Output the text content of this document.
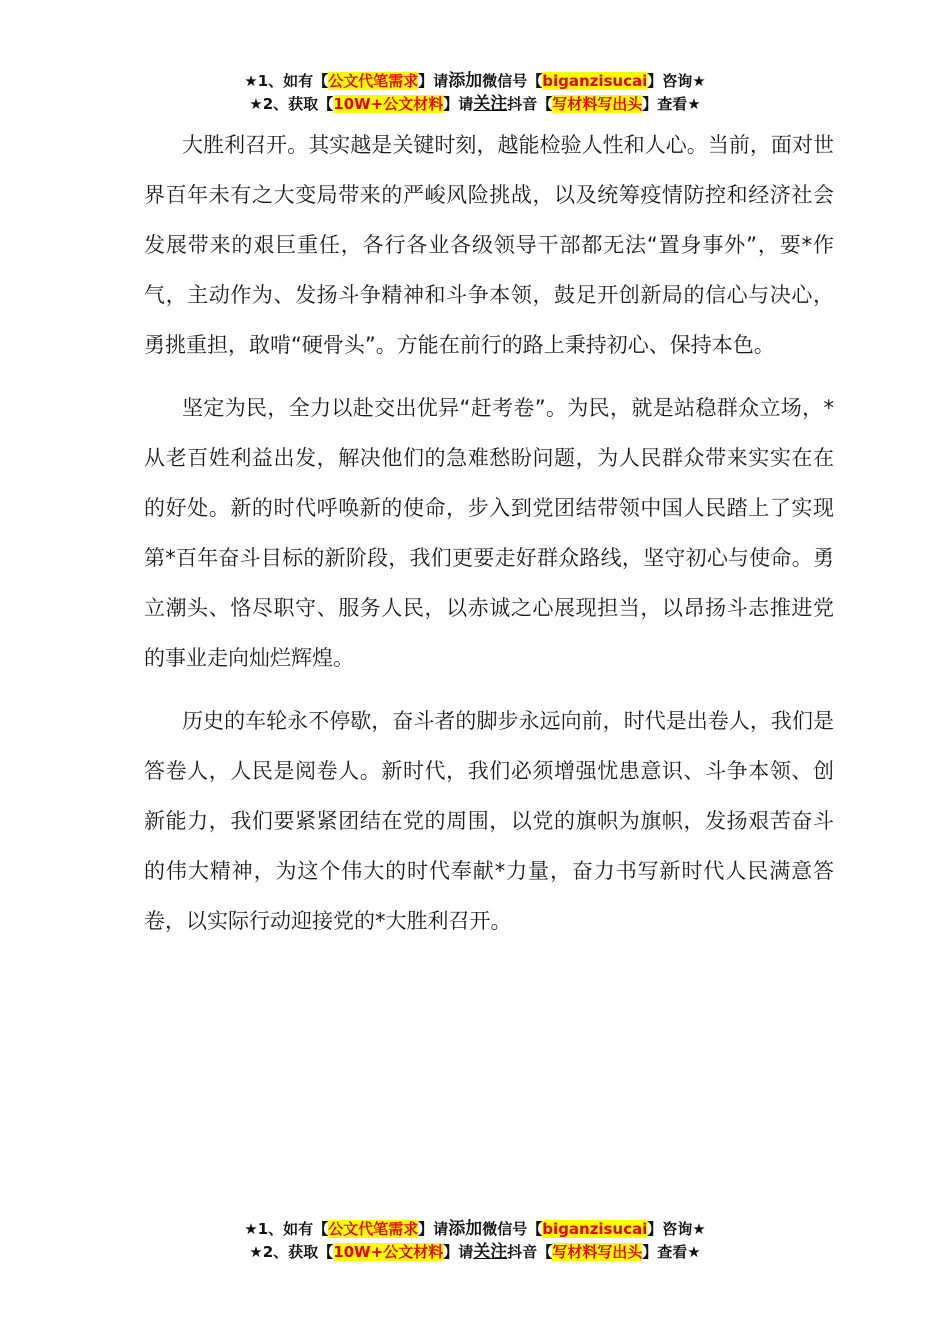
★1、如有【公文代笔需求】请添加微信号【biganzisucai】咨询★
★2、获取【10W+公文材料】请关注抖音【写材料写出头】查看★

大胜利召开。其实越是关键时刻，越能检验人性和人心。当前，面对世界百年未有之大变局带来的严峻风险挑战，以及统筹疫情防控和经济社会发展带来的艰巨重任，各行各业各级领导干部都无法“置身事外”，要*作气，主动作为、发扬斗争精神和斗争本领，鼓足开创新局的信心与决心，勇挑重担，敢啃“硬骨头”。方能在前行的路上秉持初心、保持本色。

坚定为民，全力以赴交出优异“赶考卷”。为民，就是站稳群众立场，*从老百姓利益出发，解决他们的急难愁盼问题，为人民群众带来实实在在的好处。新的时代呼唤新的使命，步入到党团结带领中国人民踏上了实现第*百年奋斗目标的新阶段，我们更要走好群众路线，坚守初心与使命。勇立潮头、恪尽职守、服务人民，以赤诚之心展现担当，以昂扬斗志推进党的事业走向灿烂辉煌。

历史的车轮永不停歇，奋斗者的脚步永远向前，时代是出卷人，我们是答卷人，人民是阅卷人。新时代，我们必须增强忧患意识、斗争本领、创新能力，我们要紧紧团结在党的周围，以党的旗帜为旗帜，发扬艰苦奋斗的伟大精神，为这个伟大的时代奉献*力量，奋力书写新时代人民满意答卷，以实际行动迎接党的*大胜利召开。

★1、如有【公文代笔需求】请添加微信号【biganzisucai】咨询★
★2、获取【10W+公文材料】请关注抖音【写材料写出头】查看★
